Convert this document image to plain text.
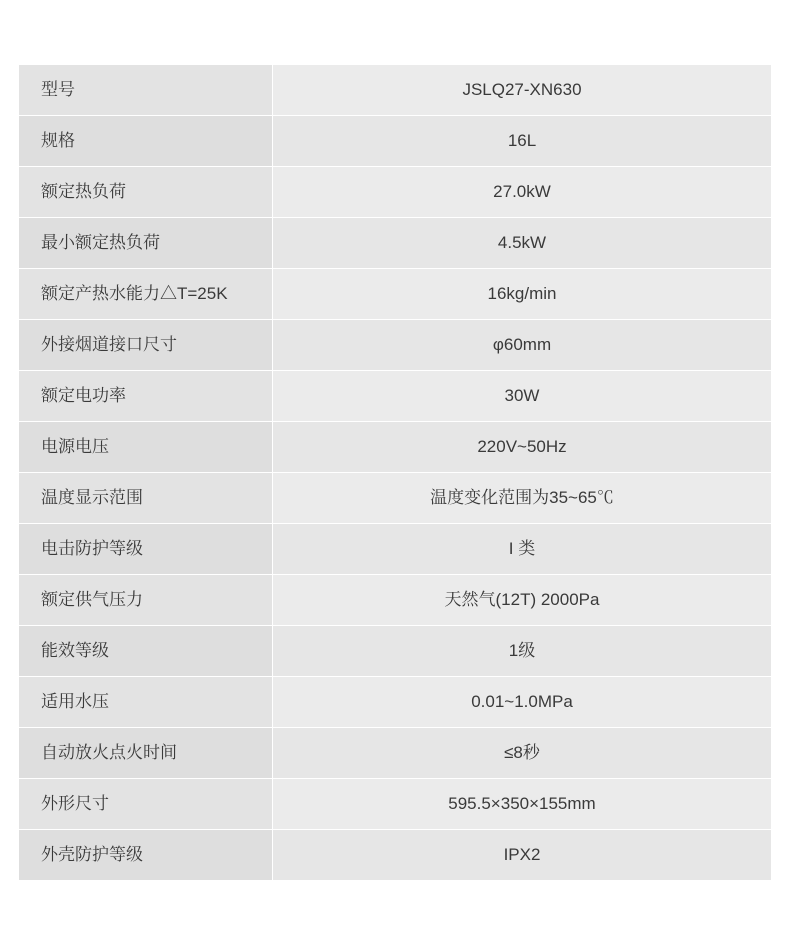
型号	JSLQ27-XN630
规格	16L
额定热负荷	27.0kW
最小额定热负荷	4.5kW
额定产热水能力△T=25K	16kg/min
外接烟道接口尺寸	φ60mm
额定电功率	30W
电源电压	220V~50Hz
温度显示范围	温度变化范围为35~65℃
电击防护等级	I 类
额定供气压力	天然气(12T) 2000Pa
能效等级	1级
适用水压	0.01~1.0MPa
自动放火点火时间	≤8秒
外形尺寸	595.5×350×155mm
外壳防护等级	IPX2
